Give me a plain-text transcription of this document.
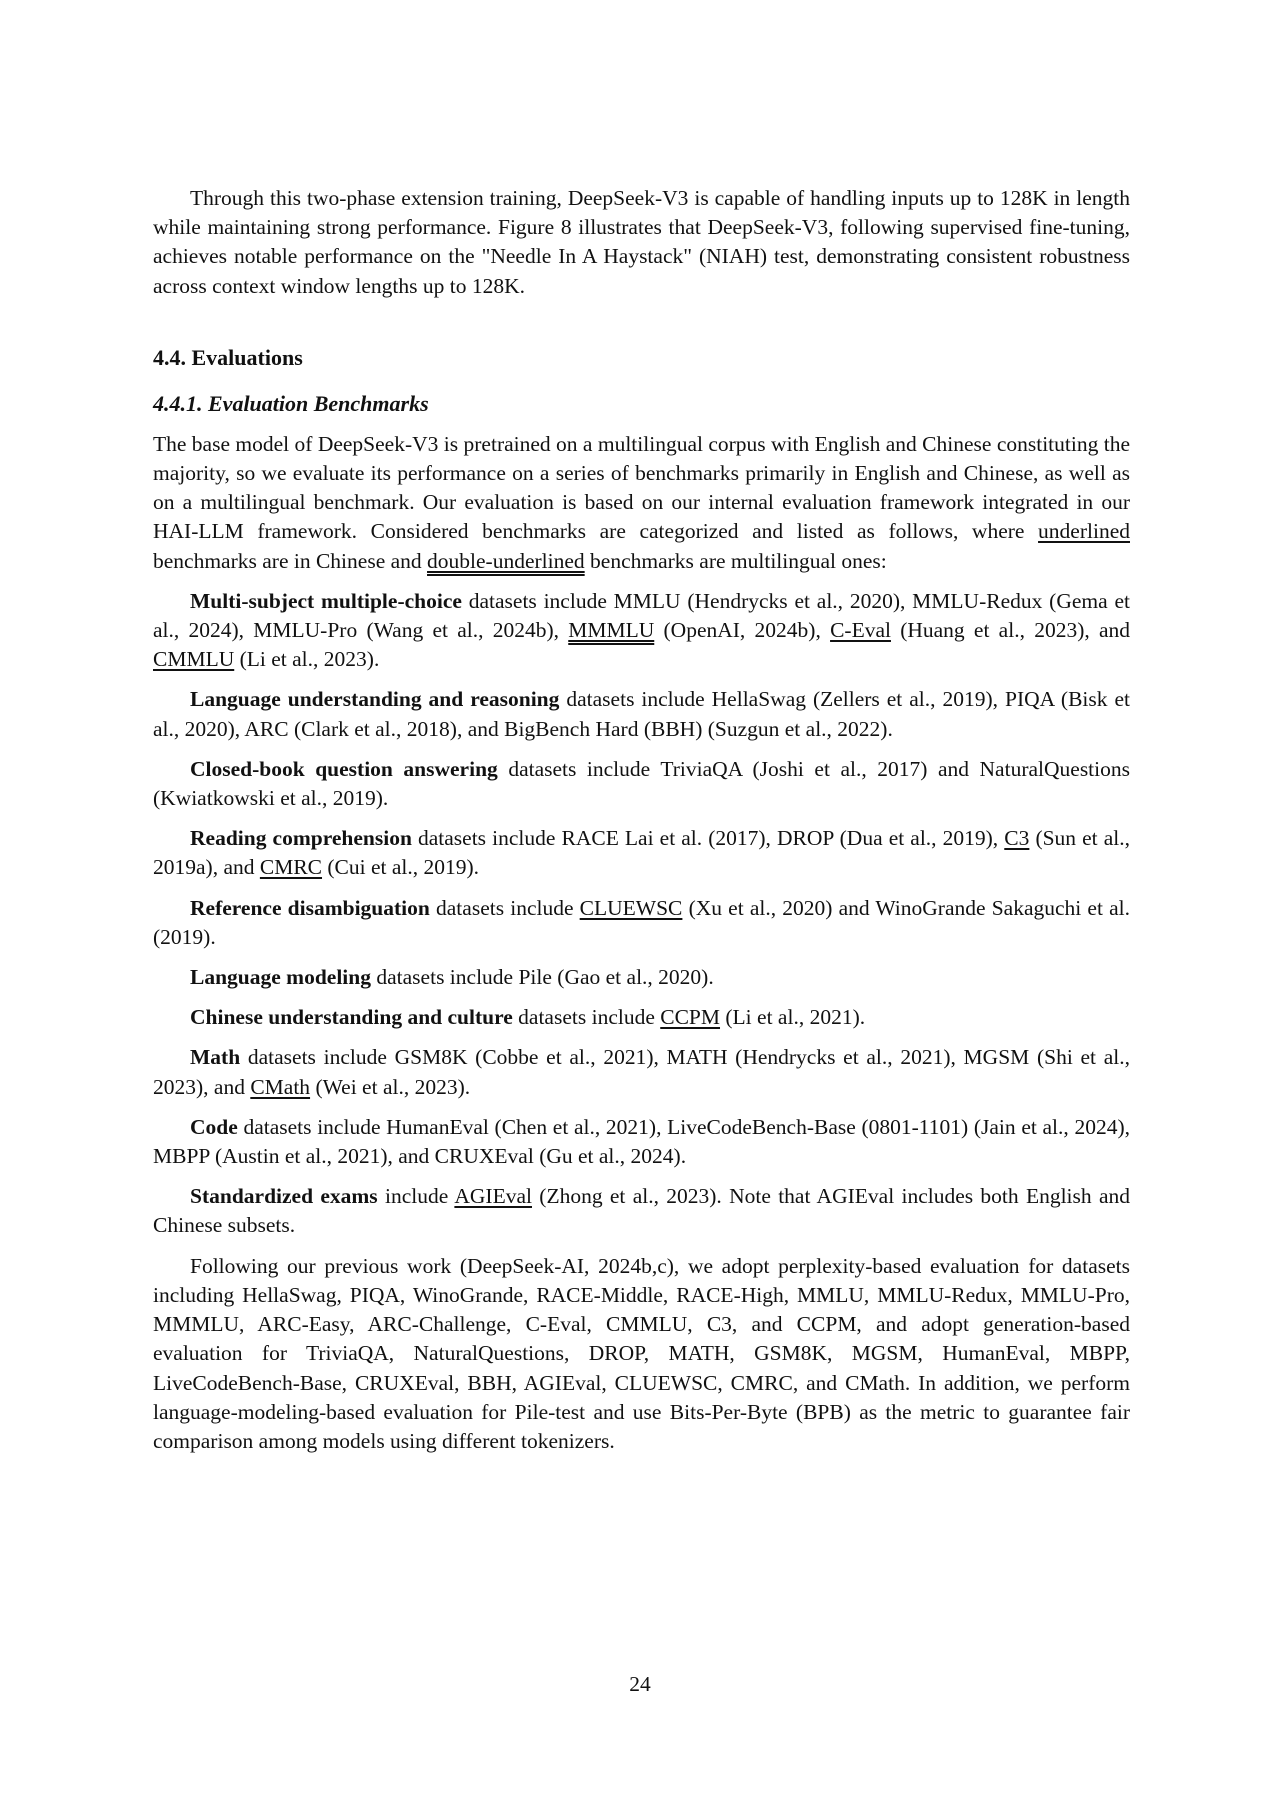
Through this two-phase extension training, DeepSeek-V3 is capable of handling inputs up to 128K in length while maintaining strong performance. Figure 8 illustrates that DeepSeek-V3, following supervised fine-tuning, achieves notable performance on the "Needle In A Haystack" (NIAH) test, demonstrating consistent robustness across context window lengths up to 128K.

4.4. Evaluations
4.4.1. Evaluation Benchmarks

The base model of DeepSeek-V3 is pretrained on a multilingual corpus with English and Chinese constituting the majority, so we evaluate its performance on a series of benchmarks primarily in English and Chinese, as well as on a multilingual benchmark. Our evaluation is based on our internal evaluation framework integrated in our HAI-LLM framework. Considered benchmarks are categorized and listed as follows, where underlined benchmarks are in Chinese and double-underlined benchmarks are multilingual ones:

Multi-subject multiple-choice datasets include MMLU (Hendrycks et al., 2020), MMLU-Redux (Gema et al., 2024), MMLU-Pro (Wang et al., 2024b), MMMLU (OpenAI, 2024b), C-Eval (Huang et al., 2023), and CMMLU (Li et al., 2023).

Language understanding and reasoning datasets include HellaSwag (Zellers et al., 2019), PIQA (Bisk et al., 2020), ARC (Clark et al., 2018), and BigBench Hard (BBH) (Suzgun et al., 2022).

Closed-book question answering datasets include TriviaQA (Joshi et al., 2017) and NaturalQuestions (Kwiatkowski et al., 2019).

Reading comprehension datasets include RACE Lai et al. (2017), DROP (Dua et al., 2019), C3 (Sun et al., 2019a), and CMRC (Cui et al., 2019).

Reference disambiguation datasets include CLUEWSC (Xu et al., 2020) and WinoGrande Sakaguchi et al. (2019).

Language modeling datasets include Pile (Gao et al., 2020).

Chinese understanding and culture datasets include CCPM (Li et al., 2021).

Math datasets include GSM8K (Cobbe et al., 2021), MATH (Hendrycks et al., 2021), MGSM (Shi et al., 2023), and CMath (Wei et al., 2023).

Code datasets include HumanEval (Chen et al., 2021), LiveCodeBench-Base (0801-1101) (Jain et al., 2024), MBPP (Austin et al., 2021), and CRUXEval (Gu et al., 2024).

Standardized exams include AGIEval (Zhong et al., 2023). Note that AGIEval includes both English and Chinese subsets.

Following our previous work (DeepSeek-AI, 2024b,c), we adopt perplexity-based evaluation for datasets including HellaSwag, PIQA, WinoGrande, RACE-Middle, RACE-High, MMLU, MMLU-Redux, MMLU-Pro, MMMLU, ARC-Easy, ARC-Challenge, C-Eval, CMMLU, C3, and CCPM, and adopt generation-based evaluation for TriviaQA, NaturalQuestions, DROP, MATH, GSM8K, MGSM, HumanEval, MBPP, LiveCodeBench-Base, CRUXEval, BBH, AGIEval, CLUEWSC, CMRC, and CMath. In addition, we perform language-modeling-based evaluation for Pile-test and use Bits-Per-Byte (BPB) as the metric to guarantee fair comparison among models using different tokenizers.

24
